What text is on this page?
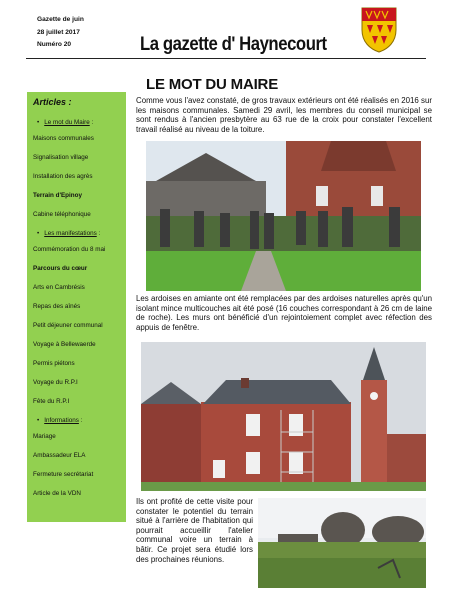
Gazette de juin
28 juillet 2017
Numéro 20	La gazette d' Haynecourt
Articles :
• Le mot du Maire :
Maisons communales
Signalisation village
Installation des agrès
Terrain d'Epinoy
Cabine téléphonique
• Les manifestations :
Commémoration du 8 mai
Parcours du cœur
Arts en Cambrésis
Repas des aînés
Petit déjeuner communal
Voyage à Bellewaerde
Permis piétons
Voyage du R.P.I
Fête du R.P.I
• Informations :
Mariage
Ambassadeur ELA
Fermeture secrétariat
Article de la VDN
LE MOT DU MAIRE

Comme vous l'avez constaté, de gros travaux extérieurs ont été réalisés en 2016 sur les maisons communales. Samedi 29 avril, les membres du conseil municipal se sont rendus à l'ancien presbytère au 63 rue de la croix pour constater l'excellent travail réalisé au niveau de la toiture.

Les ardoises en amiante ont été remplacées par des ardoises naturelles après qu'un isolant mince multicouches ait été posé (16 couches correspondant à 26 cm de laine de roche). Les murs ont bénéficié d'un rejointoiement complet avec réfection des appuis de fenêtre.

Ils ont profité de cette visite pour constater le potentiel du terrain situé à l'arrière de l'habitation qui pourrait accueillir l'atelier communal voire un terrain à bâtir. Ce projet sera étudié lors des prochaines réunions.
